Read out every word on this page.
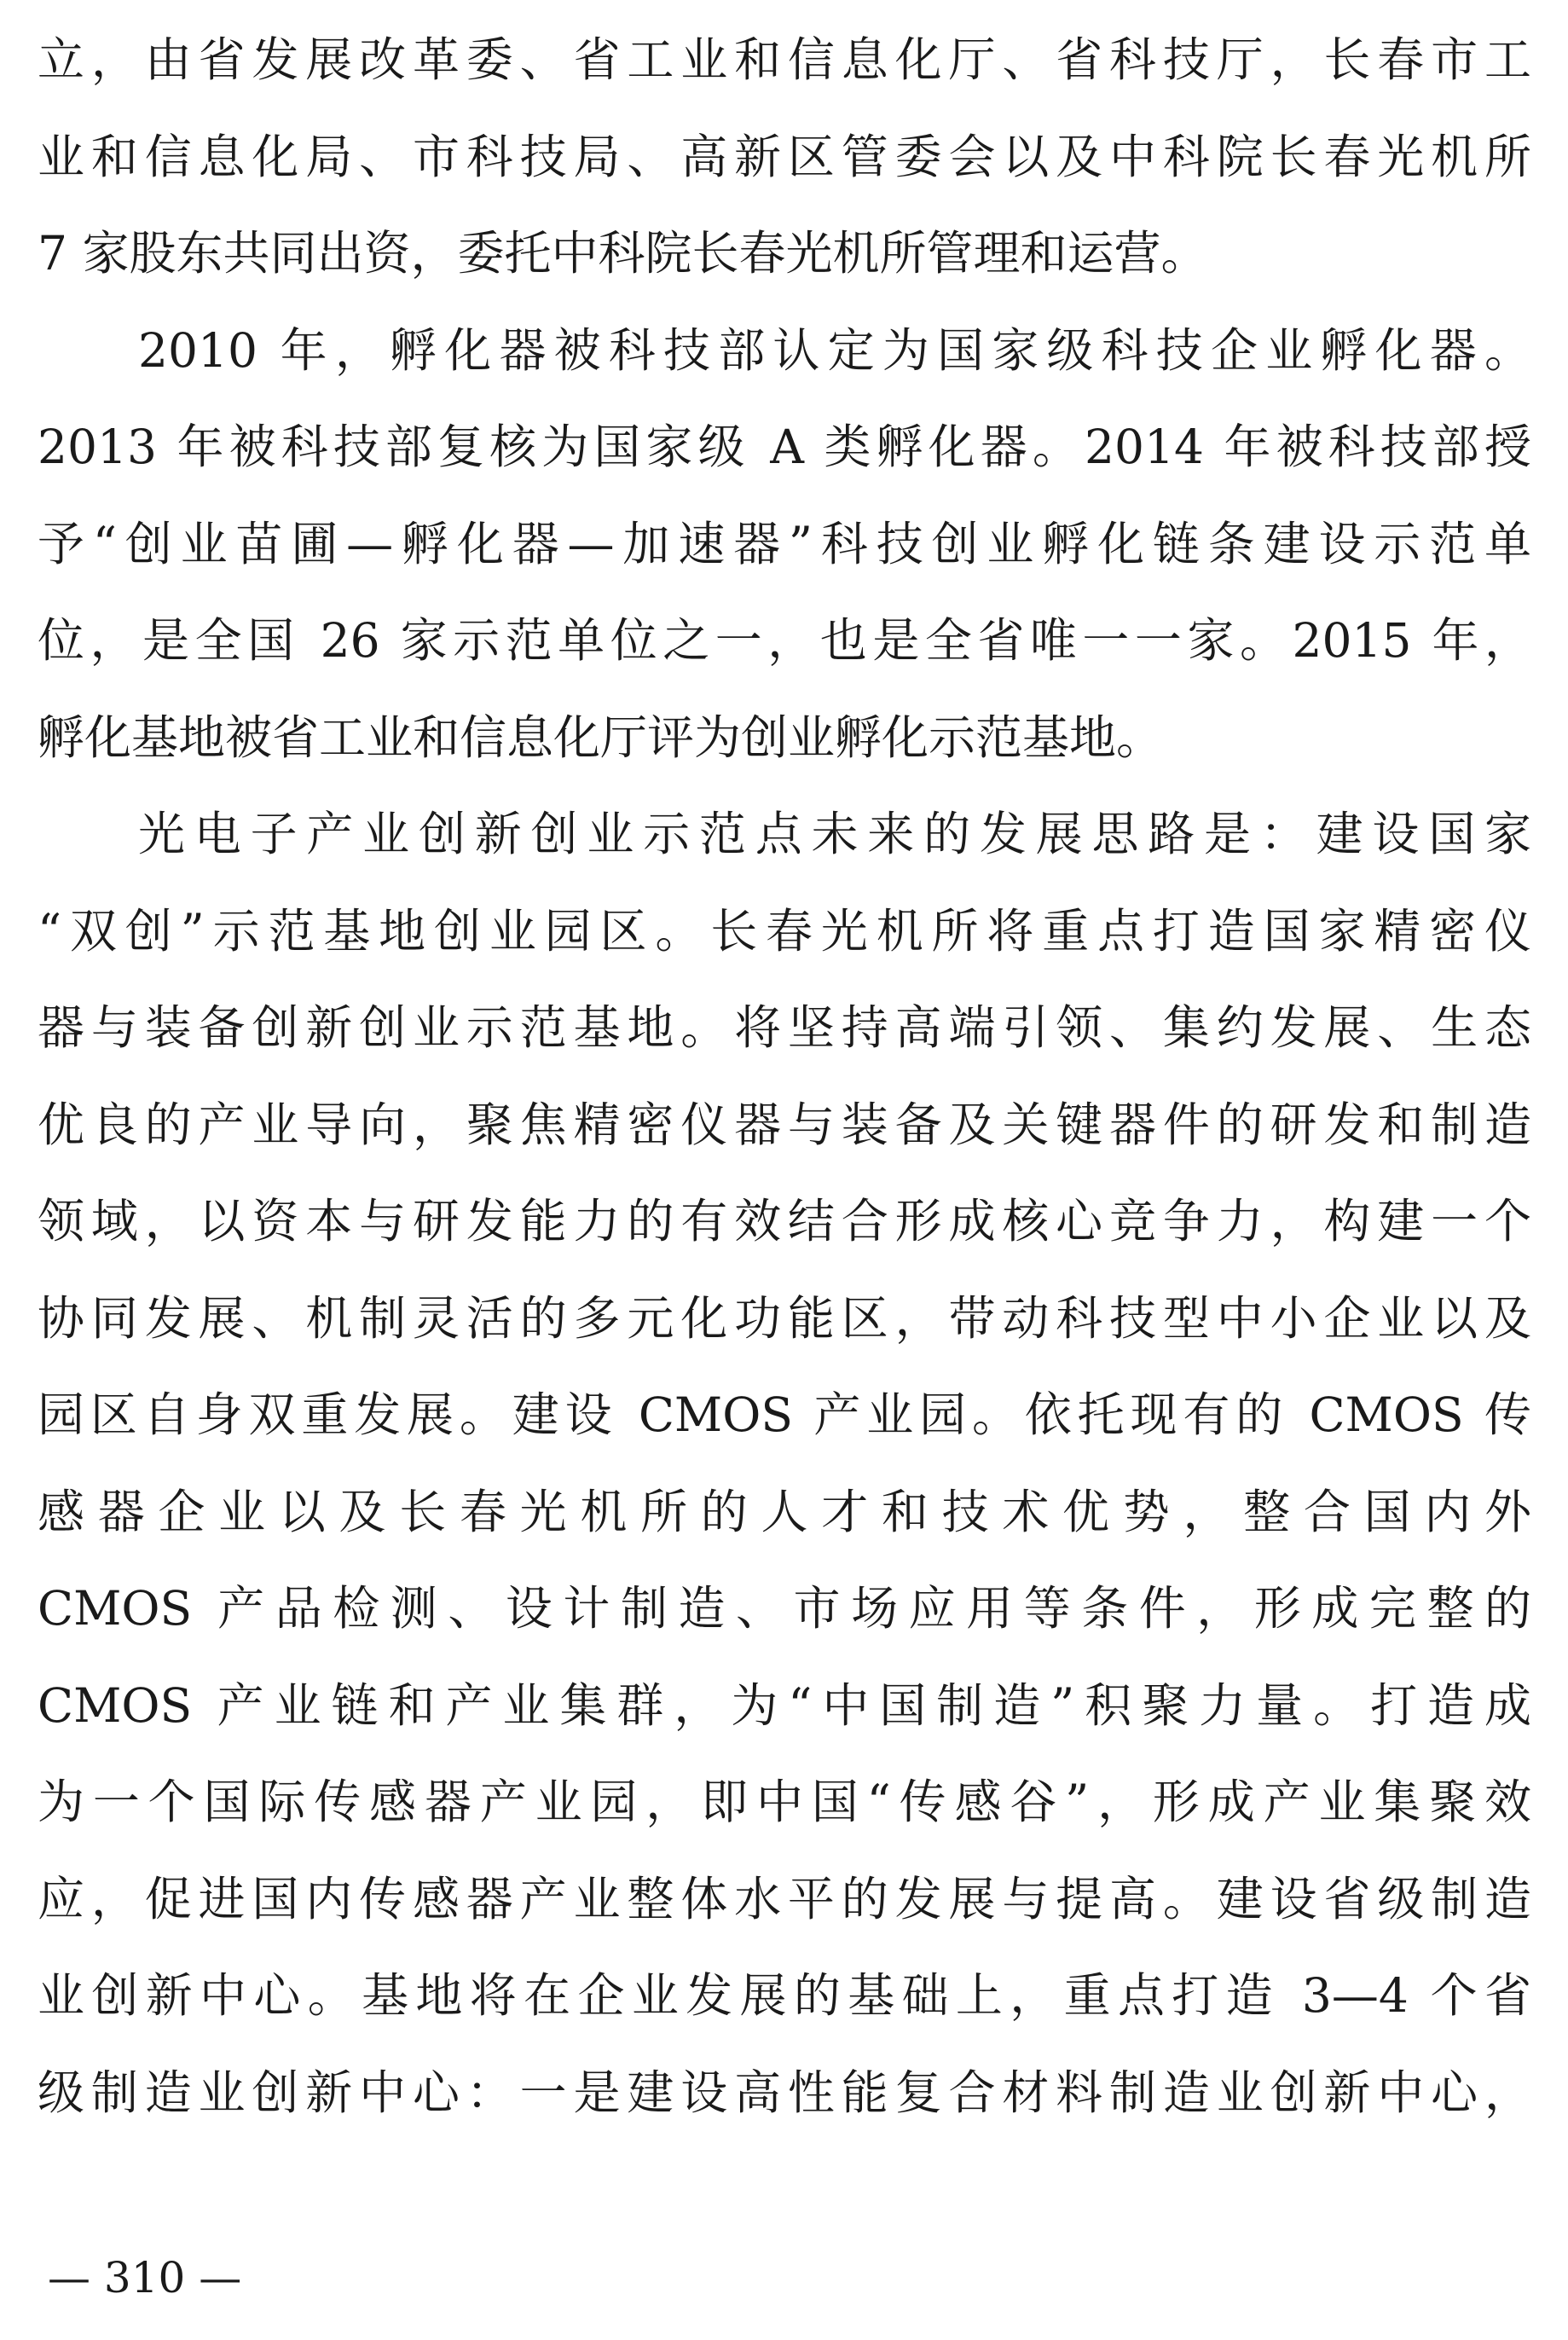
立，由省发展改革委、省工业和信息化厅、省科技厅，长春市工
业和信息化局、市科技局、高新区管委会以及中科院长春光机所
7 家股东共同出资，委托中科院长春光机所管理和运营。
2010 年，孵化器被科技部认定为国家级科技企业孵化器。
2013 年被科技部复核为国家级 A 类孵化器。2014 年被科技部授
予“创业苗圃—孵化器—加速器”科技创业孵化链条建设示范单
位，是全国 26 家示范单位之一，也是全省唯一一家。2015 年，
孵化基地被省工业和信息化厅评为创业孵化示范基地。
光电子产业创新创业示范点未来的发展思路是：建设国家
“双创”示范基地创业园区。长春光机所将重点打造国家精密仪
器与装备创新创业示范基地。将坚持高端引领、集约发展、生态
优良的产业导向，聚焦精密仪器与装备及关键器件的研发和制造
领域，以资本与研发能力的有效结合形成核心竞争力，构建一个
协同发展、机制灵活的多元化功能区，带动科技型中小企业以及
园区自身双重发展。建设 CMOS 产业园。依托现有的 CMOS 传
感器企业以及长春光机所的人才和技术优势，整合国内外
CMOS 产品检测、设计制造、市场应用等条件，形成完整的
CMOS 产业链和产业集群，为“中国制造”积聚力量。打造成
为一个国际传感器产业园，即中国“传感谷”，形成产业集聚效
应，促进国内传感器产业整体水平的发展与提高。建设省级制造
业创新中心。基地将在企业发展的基础上，重点打造 3—4 个省
级制造业创新中心：一是建设高性能复合材料制造业创新中心，
— 310 —
